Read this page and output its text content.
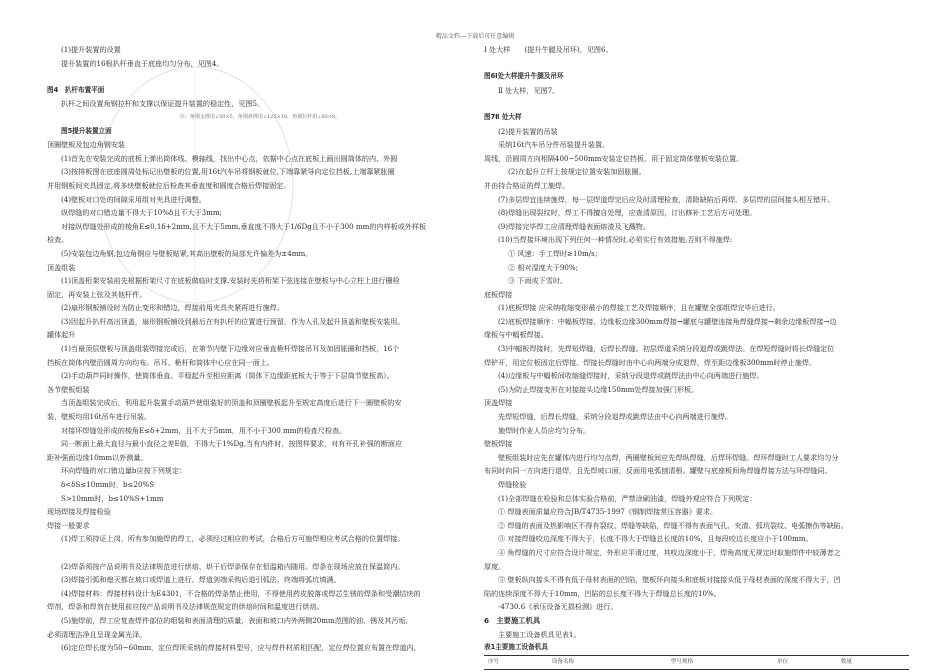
精品文档---下载后可任意编辑
(1)提升装置的设置
提升装置的16根扒杆垂直于底座均匀分布，见图4。
图4　扒杆布置平面
扒杆之间设置角钢拉杆和支撑以保证提升装置的稳定性，见图5。
注：角钢支撑用∠50×5，角钢斜撑用∠125×10，角钢拉杆用∠80×8。
图5提升装置立面
顶圈壁板及包边角钢安装
(1)首先在安装完成的底板上弹出筒体线、模轴线，找出中心点，依据中心点在底板上画出圆筒体的内、外圆
(3)按排板图在底座圆周处标记出壁板的位置,用16t汽车吊将钢板就位,下端靠紧导向定位挡板,上端靠紧胀圈
并用钢板间夹具固定,将多块壁板就位后检查其垂直度和圆度合格后焊接固定。
(4)壁板对口处的间隙采用组对夹具进行调整。
纵焊缝的对口错边量不得大于10%δ且不大于3mm;
对接纵焊缝处形成的棱角E≤0.1δ+2mm,且不大于5mm,垂直度不得大于1/6Dg且不小于300 mm的内样板或外样板
检查。
(5)安装包边角钢,包边角钢应与壁板贴紧,其高出壁板的局部允许偏差为±4mm。
顶盖组装
(1)顶盖桁架安装前先根据桁架尺寸在底板做临时支撑.安装时先将桁架下弦连接在壁板与中心立柱上进行栅栓
固定，再安装上弦及其他杆件。
(2)扇形钢板铺设时为防止变形和错边，焊接前用夹具夹紧再进行施焊。
(3)因起升扒杆高出顶盖，扇形钢板铺设到最后在有扒杆的位置进行预留，作为人孔及起升顶盖和壁板安装用。
罐体起升
(1)当最顶层壁板与顶盖组装焊接完成后，在第节内壁下边缘对应垂直桅杆焊接吊耳及加固胀圈和挡板，16个
挡板在筒体内壁沿圆周方向均布。吊耳、桅杆和筒体中心应在同一面上。
(2)手动葫芦同时操作，使筒体垂直、平稳起升至相应距离（筒体下边缘距底板大于等于下层筒节壁板高）。
各节壁板组装
当顶盖组装完成后，利用起升装置手动葫芦使组装好的顶盖和顶圈壁板起升至规定高度后进行下一圈壁板的安
装，壁板均用16t吊车进行吊装。
对接环焊缝处形成的棱角E≤δ+2mm，且不大于5mm，用不小于300 mm的检查尺检查。
同一断面上最大直径与最小直径之差E值，不得大于1%Dg,当有内件时，按图样要求，对有开孔补强的断面应
距补强面边缘10mm以外测量。
环向焊缝的对口错边量b应按下列规定：
δ<δS≤10mm时，b≤20%S
S>10mm时，b≤10%S+1mm
现场焊接及焊接检验
焊接一般要求
(1)焊工须持证上岗，所有参加施焊的焊工，必须经过相应的考试，合格后方可施焊相应考试合格的位置焊接。
(2)焊条须按产品说明书及法律规范进行烘焙、烘干后焊条保存在恒温箱内随用。焊条在现场应放在保温筒内。
(3)焊接引弧和熄灭都在坡口或焊道上进行。焊道剑端采购后退引弧法，终端将弧坑填满。
(4)焊接材料：焊接材料设计为E4301，不合格的焊条禁止使用，不得使用药皮脱落或焊芯生锈的焊条和受潮结块的
焊剂，焊条和焊剂在使用前应按产品说明书及法律规范规定的烘焙时间和温度进行烘焙。
(5)施焊前，焊工应复查焊件部位的组装和表面清理的质量，表面和坡口内外两侧20mm范围的油、锈及其污垢,
必须清理洁净且呈现金属光泽。
(6)定位焊长度为50~60mm，定位焊所采纳的焊接材料型号，应与焊件材质相匹配，定位焊位置应布置在焊道内，
Ⅰ 处大样　　(提升牛腿及吊环)，见图6。
图6Ⅰ处大样提升牛腿及吊环
Ⅱ 处大样，见图7。
图7Ⅱ 处大样
(2)提升装置的吊装
采纳16t汽车吊分件吊装提升装置。
周线，沿圆周方向相隔400~500mm安装定位挡板，用于固定筒体壁板安装位置。
(2)在起升立杆上按规定位置安装加固胀圈。
并由持合格证的焊工施焊。
(7)多层焊宜连续施焊，每一层焊道焊完后应及时清理检查，清除缺陷后再焊。多层焊的层间接头相互错开。
(8)焊缝出现裂纹时，焊工不得擅自处理，应查清原因，订出修补工艺后方可处理。
(9)焊接完毕焊工应清理焊缝表面熔渣及飞溅物。
(10)当焊接环境出现下列任何一种情况时,必须实行有效措施,否则不得施焊:
① 风速：手工焊时≥10m/s；
② 相对湿度大于90%;
③ 下雨或下雪时。
底板焊接
(1)底板焊接 应采纳收缩变形最小的焊接工艺及焊接顺序，且在罐壁全部组焊完毕后进行。
(2)底板焊接顺序：中幅板焊接、边缘板边缘300mm焊接→罐底与罐壁连接角焊缝焊接→剩余边缘板焊接→边
缘板与中幅板焊接。
(3)中幅板焊接时，先焊短焊缝，后焊长焊缝。初层焊道采纳分段退焊或跳焊法。在焊短焊缝时将长焊缝定位
焊铲开，用定位板固定后焊接。焊接长焊缝时由中心向两端分成退焊，焊至距边缘板300mm时停止施焊。
(4)边缘板与中幅板间收缩缝焊接时，采纳分段退焊或跳焊法由中心向两端进行施焊。
(5)为防止焊接变形在对接接头边缘150mm处焊接加强门形板。
顶盖焊接
先焊短焊缝，后焊长焊缝，采纳分段退焊或跳焊法由中心向两端进行施焊。
施焊时作业人员应均匀分布。
壁板焊接
壁板组装时应先在罐体内进行均匀点焊，两圈壁板间应先焊纵焊缝，后焊环焊缝。焊环焊缝时工人要求均匀分
布同时向同一方向进行退焊，且先焊坡口面，反面用电弧刨清根。罐壁与底座板间角焊缝焊接方法与环焊缝同。
焊缝检验
(1)全部焊缝在检验和总体实验合格前，严禁涂刷油漆，焊缝外观应符合下列规定：
① 焊缝表面质量应符合JB/T4735-1997《钢制焊接常压容器》要求。
② 焊缝的表面及热影响区不得有裂纹、焊缝等缺陷，焊缝不得有表面气孔、夹渣、弧坑裂纹、电弧擦伤等缺陷。
③ 对接焊缝咬边深度不得大于，长度不得大于焊缝总长度的10%，且每段咬边长度应小于100mm。
④ 角焊缝的尺寸应符合设计规定，外形应平滑过度，其咬边深度小于，焊角高度无规定时取施焊件中较薄者之
厚度。
⑤ 壁板纵向接头不得有低于母材表面的凹陷，壁板环向接头和底板对接接头低于母材表面的深度不得大于，凹
陷的连续深度不得大于10mm，凹陷的总长度不得大于焊缝总长度的10%。
-4730.6《承压设备无损检测》进行。
6　主要施工机具
主要施工设备机具见表1。
表1主要施工设备机具
序号	设备名称	型号规格	单位	数量
